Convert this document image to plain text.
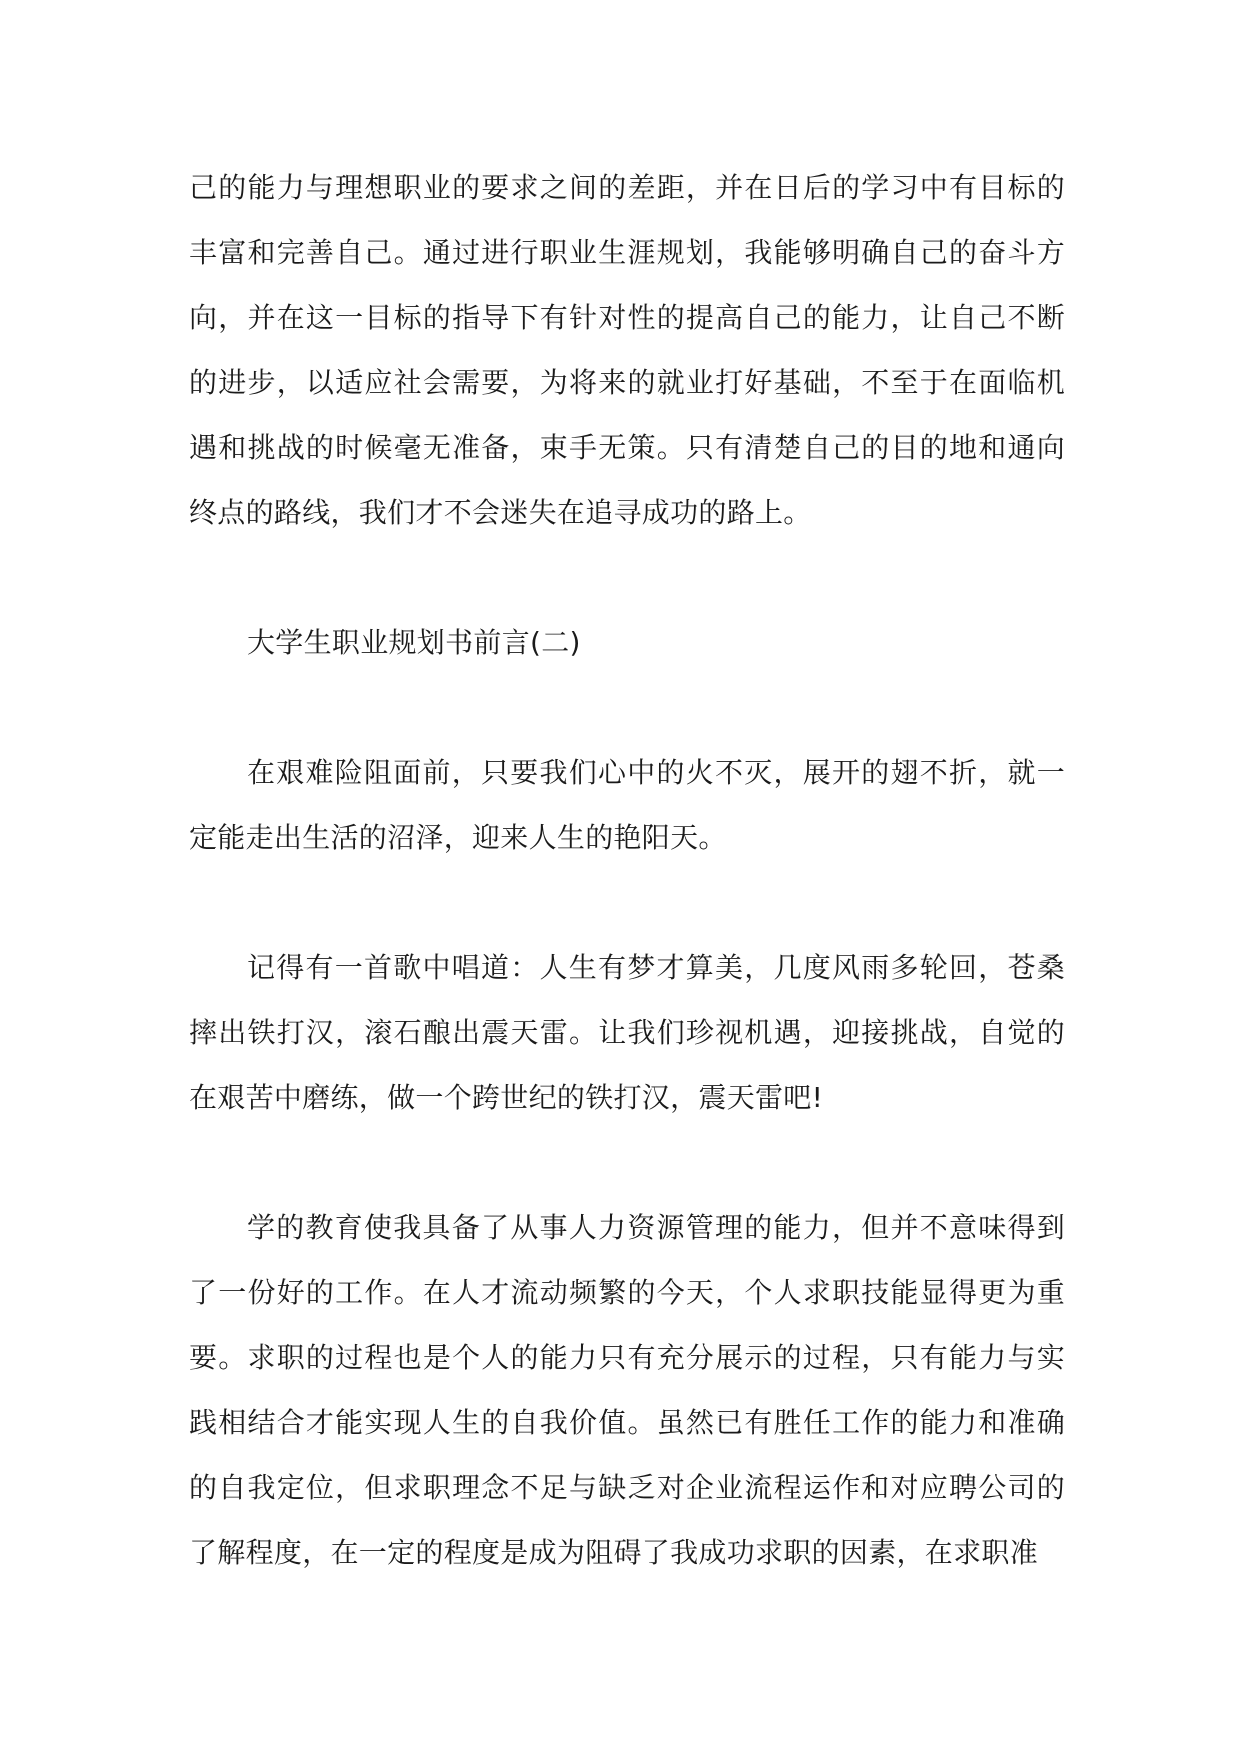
己的能力与理想职业的要求之间的差距，并在日后的学习中有目标的丰富和完善自己。通过进行职业生涯规划，我能够明确自己的奋斗方向，并在这一目标的指导下有针对性的提高自己的能力，让自己不断的进步，以适应社会需要，为将来的就业打好基础，不至于在面临机遇和挑战的时候毫无准备，束手无策。只有清楚自己的目的地和通向终点的路线，我们才不会迷失在追寻成功的路上。

大学生职业规划书前言(二)

在艰难险阻面前，只要我们心中的火不灭，展开的翅不折，就一定能走出生活的沼泽，迎来人生的艳阳天。

记得有一首歌中唱道：人生有梦才算美，几度风雨多轮回，苍桑摔出铁打汉，滚石酿出震天雷。让我们珍视机遇，迎接挑战，自觉的在艰苦中磨练，做一个跨世纪的铁打汉，震天雷吧!

学的教育使我具备了从事人力资源管理的能力，但并不意味得到了一份好的工作。在人才流动频繁的今天，个人求职技能显得更为重要。求职的过程也是个人的能力只有充分展示的过程，只有能力与实践相结合才能实现人生的自我价值。虽然已有胜任工作的能力和准确的自我定位，但求职理念不足与缺乏对企业流程运作和对应聘公司的了解程度，在一定的程度是成为阻碍了我成功求职的因素，在求职准
